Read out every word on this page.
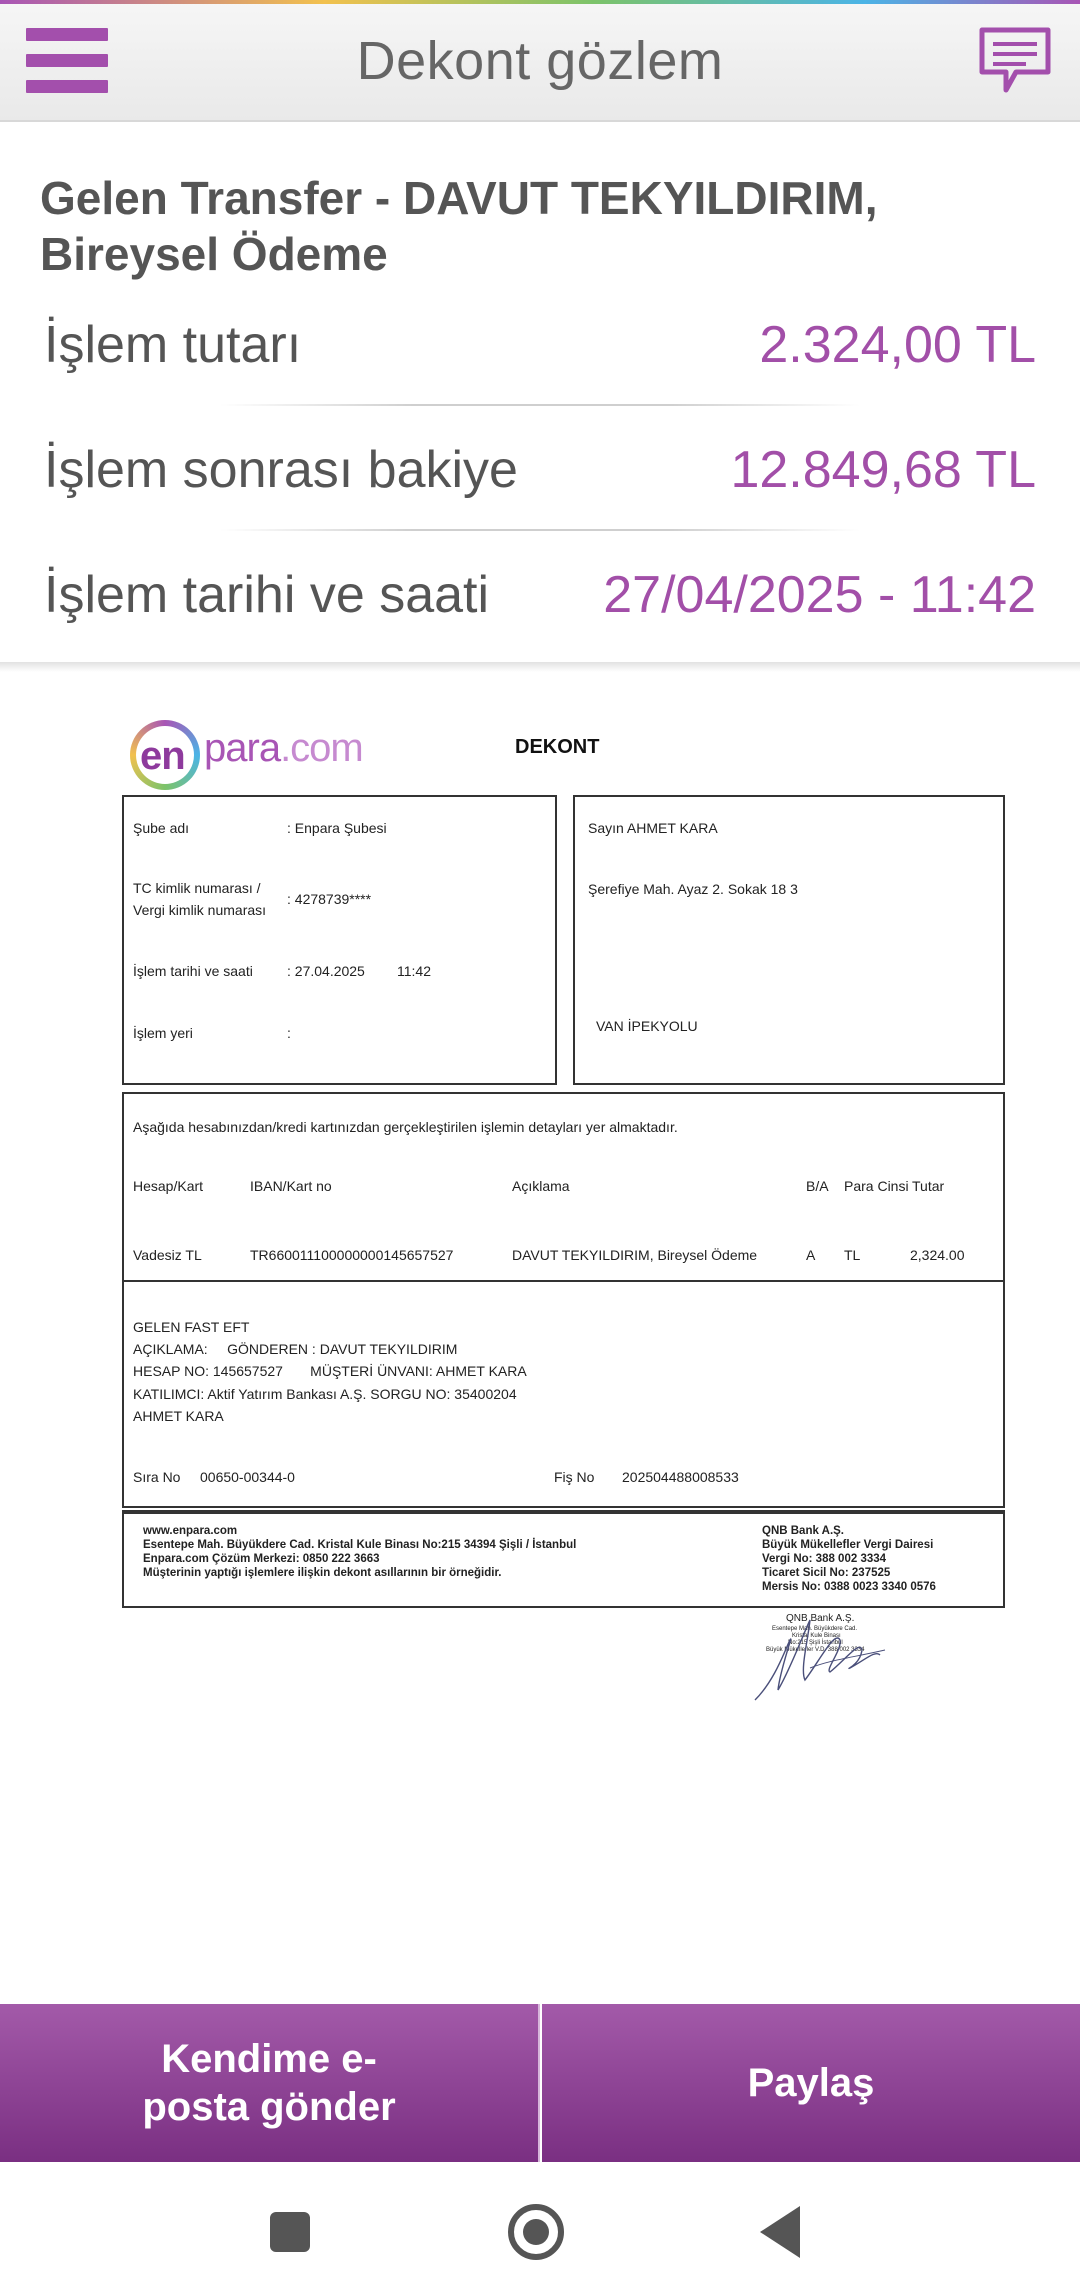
Dekont gözlem
Gelen Transfer - DAVUT TEKYILDIRIM, Bireysel Ödeme
İşlem tutarı	2.324,00 TL
İşlem sonrası bakiye	12.849,68 TL
İşlem tarihi ve saati 27/04/2025 - 11:42
en para.com	DEKONT
Şube adı	: Enpara Şubesi
TC kimlik numarası /
Vergi kimlik numarası
: 4278739****
İşlem tarihi ve saati : 27.04.2025 11:42
İşlem yeri	:
Sayın AHMET KARA
Şerefiye Mah. Ayaz 2. Sokak 18 3
VAN İPEKYOLU
Aşağıda hesabınızdan/kredi kartınızdan gerçekleştirilen işlemin detayları yer almaktadır.
Hesap/Kart	IBAN/Kart no	Açıklama	B/A Para Cinsi Tutar
Vadesiz TL	TR660011100000000145657527	DAVUT TEKYILDIRIM, Bireysel Ödeme	A TL	2,324.00
GELEN FAST EFT
AÇIKLAMA:     GÖNDEREN : DAVUT TEKYILDIRIM
HESAP NO: 145657527       MÜŞTERİ ÜNVANI: AHMET KARA
KATILIMCI: Aktif Yatırım Bankası A.Ş. SORGU NO: 35400204
AHMET KARA
Sıra No 00650-00344-0	Fiş No 202504488008533
www.enpara.com
Esentepe Mah. Büyükdere Cad. Kristal Kule Binası No:215 34394 Şişli / İstanbul
Enpara.com Çözüm Merkezi: 0850 222 3663
Müşterinin yaptığı işlemlere ilişkin dekont asıllarının bir örneğidir.
QNB Bank A.Ş.
Büyük Mükellefler Vergi Dairesi
Vergi No: 388 002 3334
Ticaret Sicil No: 237525
Mersis No: 0388 0023 3340 0576
QNB Bank A.Ş.
Esentepe Mah. Büyükdere Cad.
Kristal Kule Binası
No:215 Şişli İstanbul
Büyük Mükellefler V.D. 388 002 3334
Kendime e-posta gönder
Paylaş
